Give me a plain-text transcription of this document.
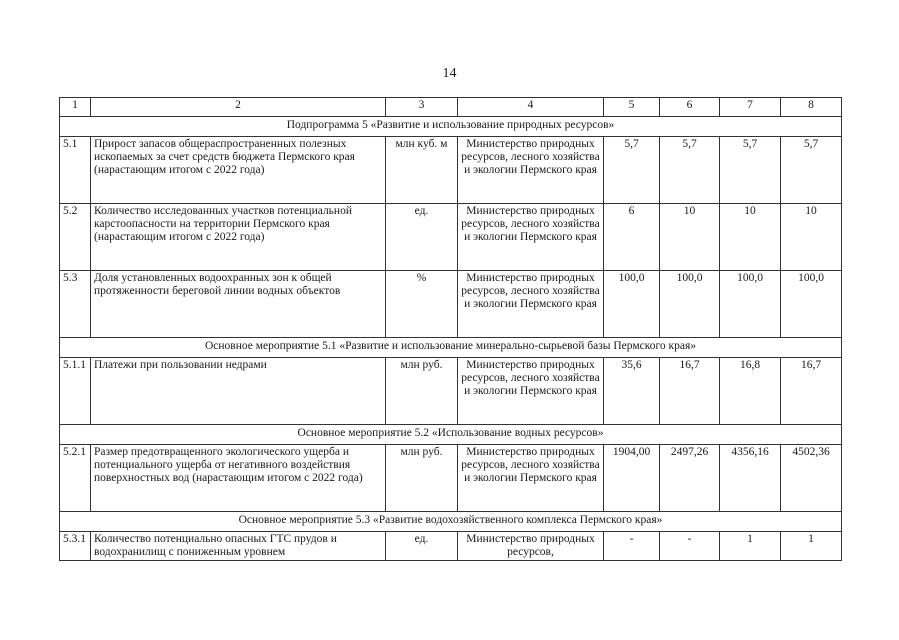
14
1	2	3	4	5	6	7	8
Подпрограмма 5 «Развитие и использование природных ресурсов»							
5.1	Прирост запасов общераспространенных полезных ископаемых за счет средств бюджета Пермского края (нарастающим итогом с 2022 года)	млн куб. м	Министерство природных ресурсов, лесного хозяйства и экологии Пермского края	5,7	5,7	5,7	5,7
5.2	Количество исследованных участков потенциальной карстоопасности на территории Пермского края (нарастающим итогом с 2022 года)	ед.	Министерство природных ресурсов, лесного хозяйства и экологии Пермского края	6	10	10	10
5.3	Доля установленных водоохранных зон к общей протяженности береговой линии водных объектов	%	Министерство природных ресурсов, лесного хозяйства и экологии Пермского края	100,0	100,0	100,0	100,0
Основное мероприятие 5.1 «Развитие и использование минерально-сырьевой базы Пермского края»							
5.1.1	Платежи при пользовании недрами	млн руб.	Министерство природных ресурсов, лесного хозяйства и экологии Пермского края	35,6	16,7	16,8	16,7
Основное мероприятие 5.2 «Использование водных ресурсов»							
5.2.1	Размер предотвращенного экологического ущерба и потенциального ущерба от негативного воздействия поверхностных вод (нарастающим итогом с 2022 года)	млн руб.	Министерство природных ресурсов, лесного хозяйства и экологии Пермского края	1904,00	2497,26	4356,16	4502,36
Основное мероприятие 5.3 «Развитие водохозяйственного комплекса Пермского края»							
5.3.1	Количество потенциально опасных ГТС прудов и водохранилищ с пониженным уровнем	ед.	Министерство природных ресурсов,	-	-	1	1
